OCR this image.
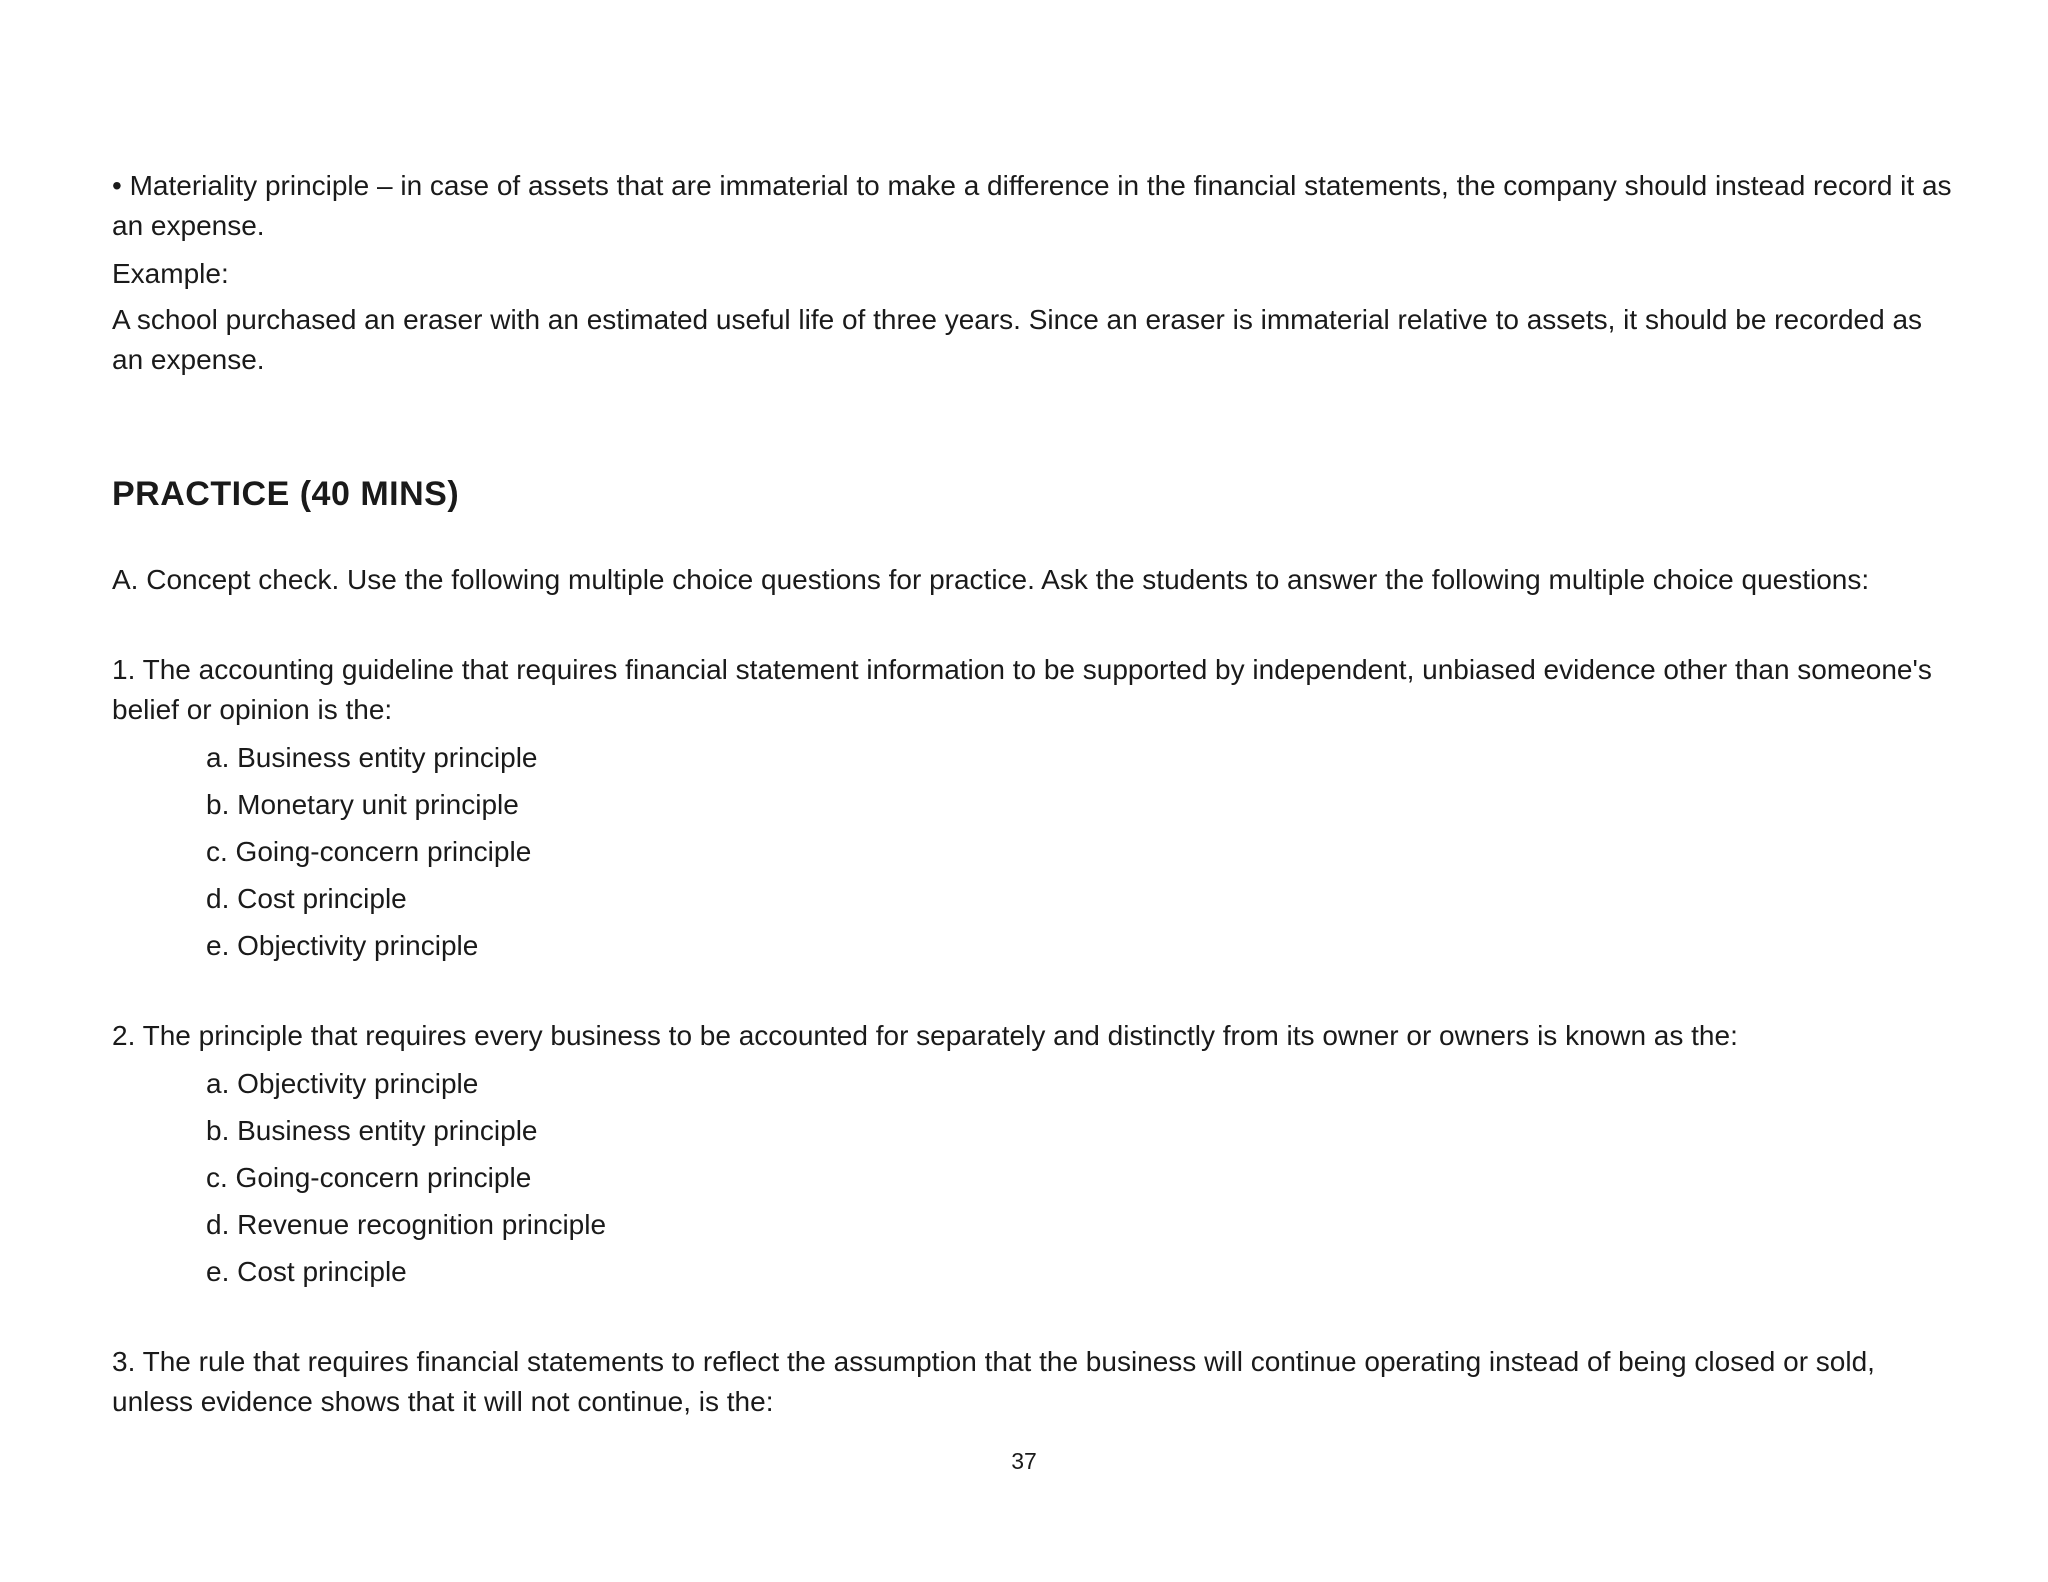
• Materiality principle – in case of assets that are immaterial to make a difference in the financial statements, the company should instead record it as an expense.

Example:

A school purchased an eraser with an estimated useful life of three years. Since an eraser is immaterial relative to assets, it should be recorded as an expense.

PRACTICE (40 MINS)

A. Concept check. Use the following multiple choice questions for practice. Ask the students to answer the following multiple choice questions:

1. The accounting guideline that requires financial statement information to be supported by independent, unbiased evidence other than someone's belief or opinion is the:

a. Business entity principle
b. Monetary unit principle
c. Going-concern principle
d. Cost principle
e. Objectivity principle

2. The principle that requires every business to be accounted for separately and distinctly from its owner or owners is known as the:

a. Objectivity principle
b. Business entity principle
c. Going-concern principle
d. Revenue recognition principle
e. Cost principle

3. The rule that requires financial statements to reflect the assumption that the business will continue operating instead of being closed or sold, unless evidence shows that it will not continue, is the:

37
